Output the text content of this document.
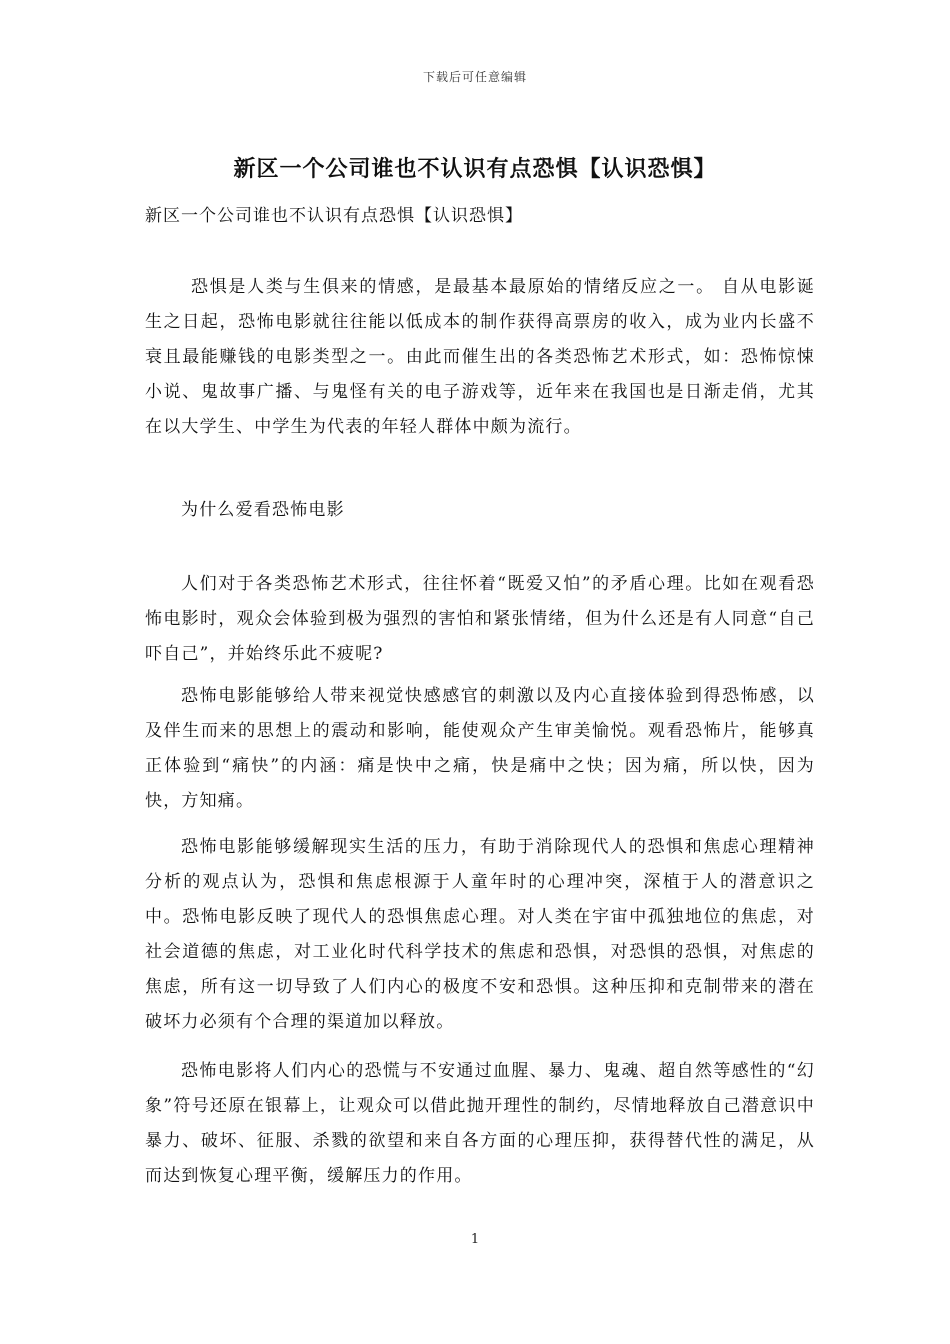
下载后可任意编辑
新区一个公司谁也不认识有点恐惧【认识恐惧】
新区一个公司谁也不认识有点恐惧【认识恐惧】

恐惧是人类与生俱来的情感，是最基本最原始的情绪反应之一。 自从电影诞生之日起，恐怖电影就往往能以低成本的制作获得高票房的收入，成为业内长盛不衰且最能赚钱的电影类型之一。由此而催生出的各类恐怖艺术形式，如：恐怖惊悚小说、鬼故事广播、与鬼怪有关的电子游戏等，近年来在我国也是日渐走俏，尤其在以大学生、中学生为代表的年轻人群体中颇为流行。

为什么爱看恐怖电影

人们对于各类恐怖艺术形式，往往怀着“既爱又怕”的矛盾心理。比如在观看恐怖电影时，观众会体验到极为强烈的害怕和紧张情绪，但为什么还是有人同意“自己吓自己”，并始终乐此不疲呢?

恐怖电影能够给人带来视觉快感感官的刺激以及内心直接体验到得恐怖感，以及伴生而来的思想上的震动和影响，能使观众产生审美愉悦。观看恐怖片，能够真正体验到“痛快”的内涵：痛是快中之痛，快是痛中之快；因为痛，所以快，因为快，方知痛。

恐怖电影能够缓解现实生活的压力，有助于消除现代人的恐惧和焦虑心理精神分析的观点认为，恐惧和焦虑根源于人童年时的心理冲突，深植于人的潜意识之中。恐怖电影反映了现代人的恐惧焦虑心理。对人类在宇宙中孤独地位的焦虑，对社会道德的焦虑，对工业化时代科学技术的焦虑和恐惧，对恐惧的恐惧，对焦虑的焦虑，所有这一切导致了人们内心的极度不安和恐惧。这种压抑和克制带来的潜在破坏力必须有个合理的渠道加以释放。

恐怖电影将人们内心的恐慌与不安通过血腥、暴力、鬼魂、超自然等感性的“幻象”符号还原在银幕上，让观众可以借此抛开理性的制约，尽情地释放自己潜意识中暴力、破坏、征服、杀戮的欲望和来自各方面的心理压抑，获得替代性的满足，从而达到恢复心理平衡，缓解压力的作用。

1
